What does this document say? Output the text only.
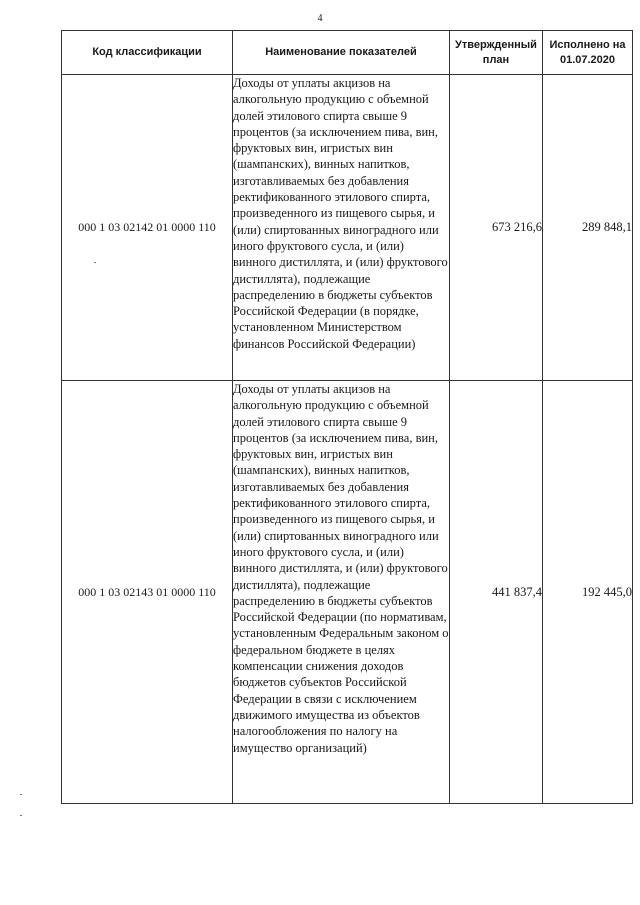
4
Код классификации	Наименование показателей	Утвержденный план	Исполнено на 01.07.2020
000 1 03 02142 01 0000 110	Доходы от уплаты акцизов на алкогольную продукцию с объемной долей этилового спирта свыше 9 процентов (за исключением пива, вин, фруктовых вин, игристых вин (шампанских), винных напитков, изготавливаемых без добавления ректификованного этилового спирта, произведенного из пищевого сырья, и (или) спиртованных виноградного или иного фруктового сусла, и (или) винного дистиллята, и (или) фруктового дистиллята), подлежащие распределению в бюджеты субъектов Российской Федерации (в порядке, установленном Министерством финансов Российской Федерации)	673 216,6	289 848,1
000 1 03 02143 01 0000 110	Доходы от уплаты акцизов на алкогольную продукцию с объемной долей этилового спирта свыше 9 процентов (за исключением пива, вин, фруктовых вин, игристых вин (шампанских), винных напитков, изготавливаемых без добавления ректификованного этилового спирта, произведенного из пищевого сырья, и (или) спиртованных виноградного или иного фруктового сусла, и (или) винного дистиллята, и (или) фруктового дистиллята), подлежащие распределению в бюджеты субъектов Российской Федерации (по нормативам, установленным Федеральным законом о федеральном бюджете в целях компенсации снижения доходов бюджетов субъектов Российской Федерации в связи с исключением движимого имущества из объектов налогообложения по налогу на имущество организаций)	441 837,4	192 445,0
